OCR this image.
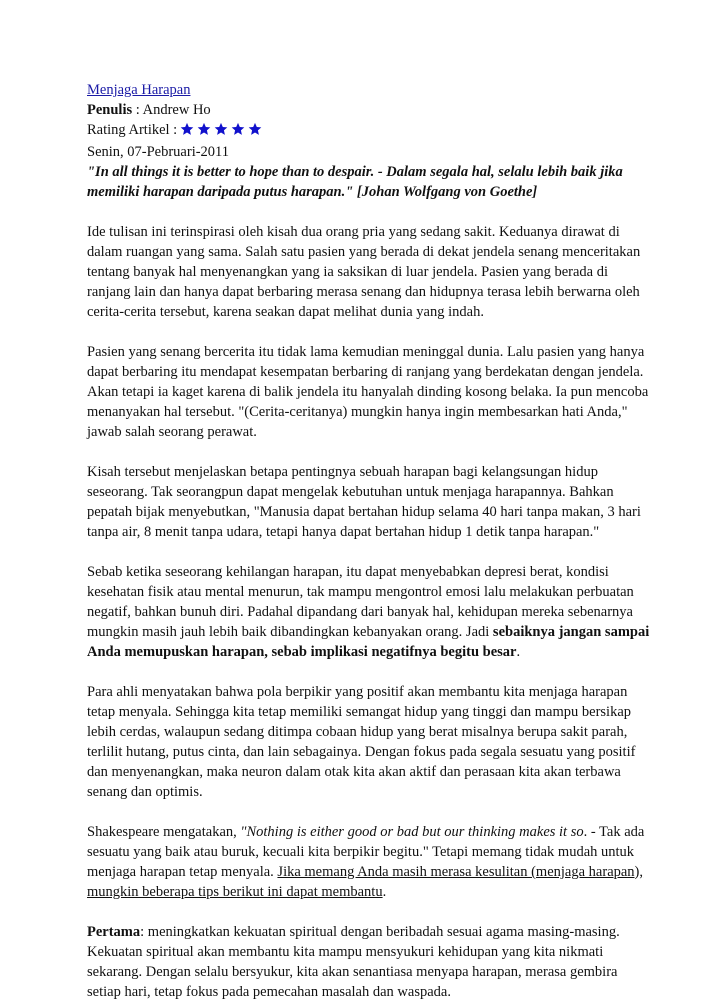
Menjaga Harapan
Penulis : Andrew Ho
Rating Artikel :
Senin, 07-Pebruari-2011
"In all things it is better to hope than to despair. - Dalam segala hal, selalu lebih baik jika
memiliki harapan daripada putus harapan." [Johan Wolfgang von Goethe]
Ide tulisan ini terinspirasi oleh kisah dua orang pria yang sedang sakit. Keduanya dirawat di
dalam ruangan yang sama. Salah satu pasien yang berada di dekat jendela senang menceritakan
tentang banyak hal menyenangkan yang ia saksikan di luar jendela. Pasien yang berada di
ranjang lain dan hanya dapat berbaring merasa senang dan hidupnya terasa lebih berwarna oleh
cerita-cerita tersebut, karena seakan dapat melihat dunia yang indah.
Pasien yang senang bercerita itu tidak lama kemudian meninggal dunia. Lalu pasien yang hanya
dapat berbaring itu mendapat kesempatan berbaring di ranjang yang berdekatan dengan jendela.
Akan tetapi ia kaget karena di balik jendela itu hanyalah dinding kosong belaka. Ia pun mencoba
menanyakan hal tersebut. "(Cerita-ceritanya) mungkin hanya ingin membesarkan hati Anda,"
jawab salah seorang perawat.
Kisah tersebut menjelaskan betapa pentingnya sebuah harapan bagi kelangsungan hidup
seseorang. Tak seorangpun dapat mengelak kebutuhan untuk menjaga harapannya. Bahkan
pepatah bijak menyebutkan, "Manusia dapat bertahan hidup selama 40 hari tanpa makan, 3 hari
tanpa air, 8 menit tanpa udara, tetapi hanya dapat bertahan hidup 1 detik tanpa harapan."
Sebab ketika seseorang kehilangan harapan, itu dapat menyebabkan depresi berat, kondisi
kesehatan fisik atau mental menurun, tak mampu mengontrol emosi lalu melakukan perbuatan
negatif, bahkan bunuh diri. Padahal dipandang dari banyak hal, kehidupan mereka sebenarnya
mungkin masih jauh lebih baik dibandingkan kebanyakan orang. Jadi sebaiknya jangan sampai
Anda memupuskan harapan, sebab implikasi negatifnya begitu besar.
Para ahli menyatakan bahwa pola berpikir yang positif akan membantu kita menjaga harapan
tetap menyala. Sehingga kita tetap memiliki semangat hidup yang tinggi dan mampu bersikap
lebih cerdas, walaupun sedang ditimpa cobaan hidup yang berat misalnya berupa sakit parah,
terlilit hutang, putus cinta, dan lain sebagainya. Dengan fokus pada segala sesuatu yang positif
dan menyenangkan, maka neuron dalam otak kita akan aktif dan perasaan kita akan terbawa
senang dan optimis.
Shakespeare mengatakan, "Nothing is either good or bad but our thinking makes it so. - Tak ada
sesuatu yang baik atau buruk, kecuali kita berpikir begitu." Tetapi memang tidak mudah untuk
menjaga harapan tetap menyala. Jika memang Anda masih merasa kesulitan (menjaga harapan),
mungkin beberapa tips berikut ini dapat membantu.
Pertama: meningkatkan kekuatan spiritual dengan beribadah sesuai agama masing-masing.
Kekuatan spiritual akan membantu kita mampu mensyukuri kehidupan yang kita nikmati
sekarang. Dengan selalu bersyukur, kita akan senantiasa menyapa harapan, merasa gembira
setiap hari, tetap fokus pada pemecahan masalah dan waspada.
